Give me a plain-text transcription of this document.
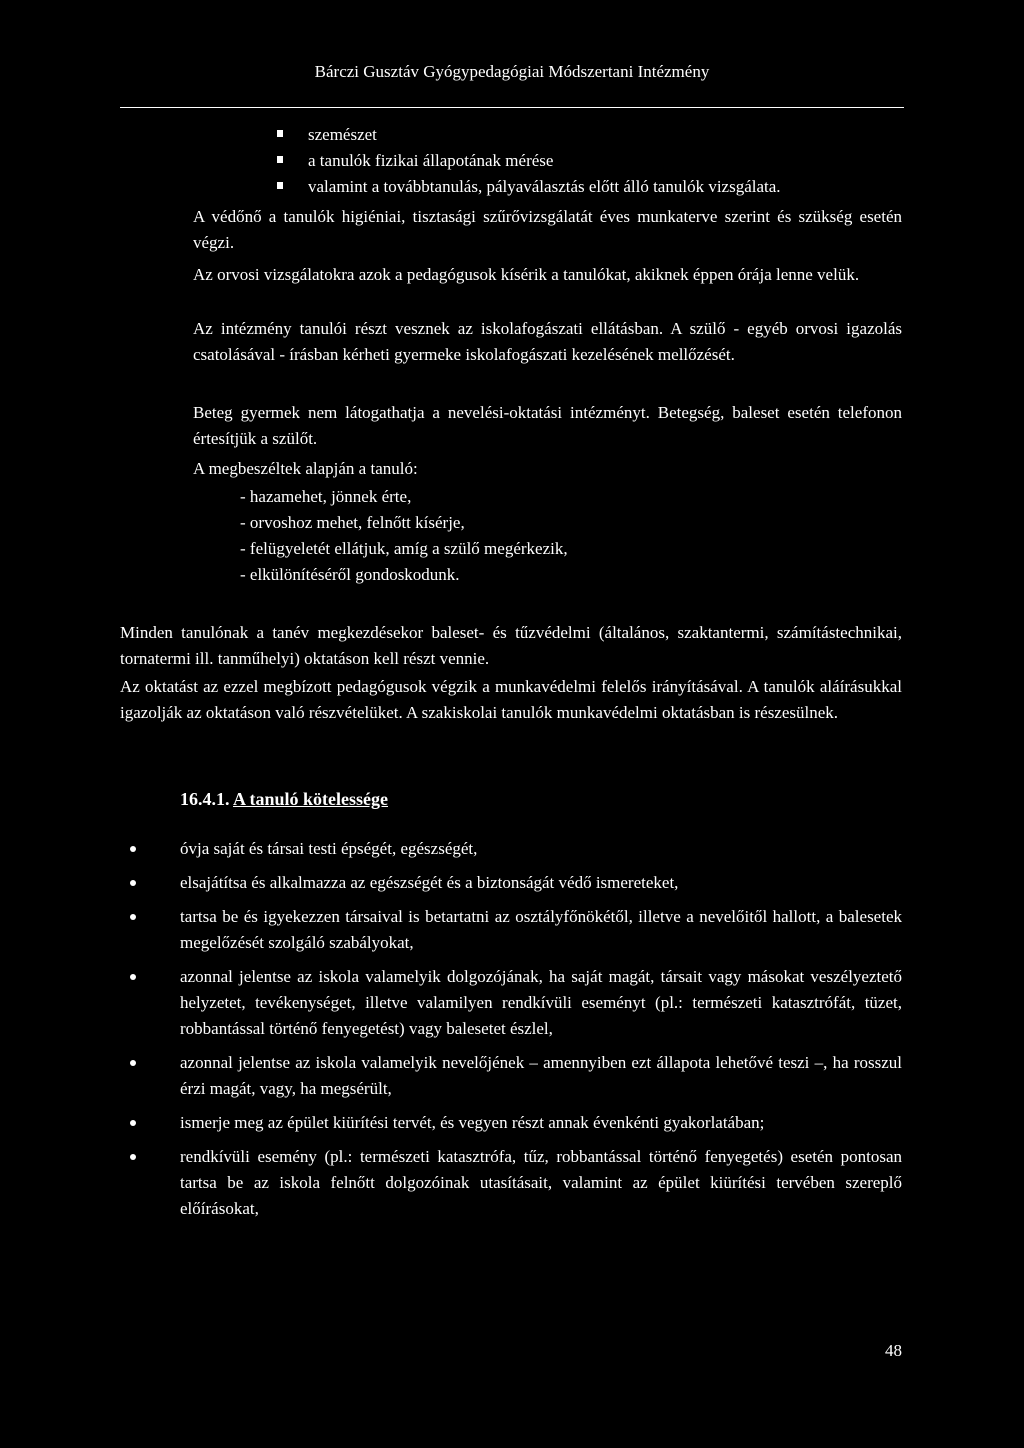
Bárczi Gusztáv Gyógypedagógiai Módszertani Intézmény
szemészet
a tanulók fizikai állapotának mérése
valamint a továbbtanulás, pályaválasztás előtt álló tanulók vizsgálata.

A védőnő a tanulók higiéniai, tisztasági szűrővizsgálatát éves munkaterve szerint és szükség esetén végzi.

Az orvosi vizsgálatokra azok a pedagógusok kísérik a tanulókat, akiknek éppen órája lenne velük.

Az intézmény tanulói részt vesznek az iskolafogászati ellátásban. A szülő - egyéb orvosi igazolás csatolásával - írásban kérheti gyermeke iskolafogászati kezelésének mellőzését.

Beteg gyermek nem látogathatja a nevelési-oktatási intézményt. Betegség, baleset esetén telefonon értesítjük a szülőt.

A megbeszéltek alapján a tanuló:

- hazamehet, jönnek érte,
- orvoshoz mehet, felnőtt kísérje,
- felügyeletét ellátjuk, amíg a szülő megérkezik,
- elkülönítéséről gondoskodunk.

Minden tanulónak a tanév megkezdésekor baleset- és tűzvédelmi (általános, szaktantermi, számítástechnikai, tornatermi ill. tanműhelyi) oktatáson kell részt vennie.

Az oktatást az ezzel megbízott pedagógusok végzik a munkavédelmi felelős irányításával. A tanulók aláírásukkal igazolják az oktatáson való részvételüket. A szakiskolai tanulók munkavédelmi oktatásban is részesülnek.

16.4.1. A tanuló kötelessége
óvja saját és társai testi épségét, egészségét,
elsajátítsa és alkalmazza az egészségét és a biztonságát védő ismereteket,
tartsa be és igyekezzen társaival is betartatni az osztályfőnökétől, illetve a nevelőitől hallott, a balesetek megelőzését szolgáló szabályokat,
azonnal jelentse az iskola valamelyik dolgozójának, ha saját magát, társait vagy másokat veszélyeztető helyzetet, tevékenységet, illetve valamilyen rendkívüli eseményt (pl.: természeti katasztrófát, tüzet, robbantással történő fenyegetést) vagy balesetet észlel,
azonnal jelentse az iskola valamelyik nevelőjének – amennyiben ezt állapota lehetővé teszi –, ha rosszul érzi magát, vagy, ha megsérült,
ismerje meg az épület kiürítési tervét, és vegyen részt annak évenkénti gyakorlatában;
rendkívüli esemény (pl.: természeti katasztrófa, tűz, robbantással történő fenyegetés) esetén pontosan tartsa be az iskola felnőtt dolgozóinak utasításait, valamint az épület kiürítési tervében szereplő előírásokat,
48
